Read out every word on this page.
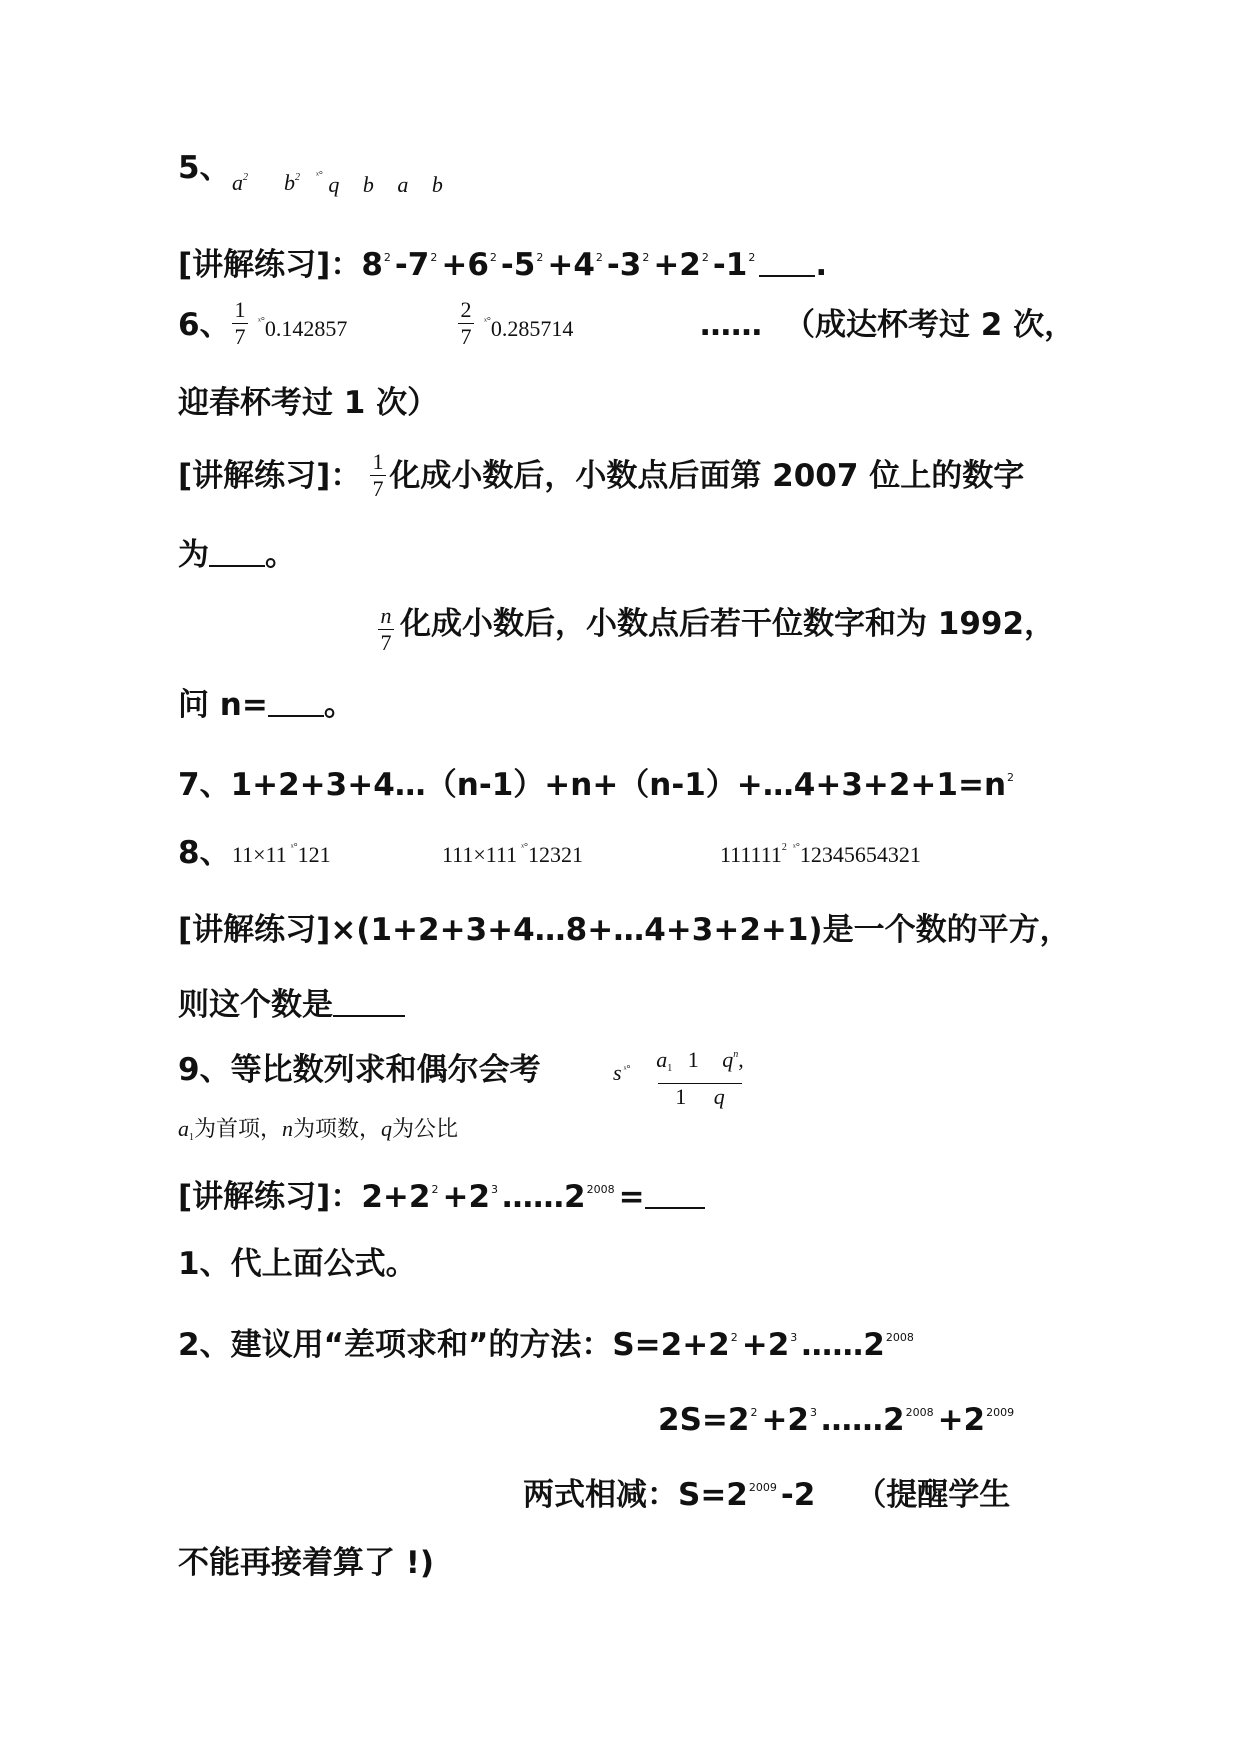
5、 $a^2$ $b^2$ $^{ˣ^\circ}$ q b a b
[讲解练习]：$8^2$ $-7^2 +6^2$ $-5^2 +4^2$ $-3^2 +2^2$ $-1^2$ .
6、 1
7
$^{ˣ^\circ}$0.142857
2
7
$^{ˣ^\circ}$0.285714	…… （成达杯考过 2 次，
迎春杯考过 1 次）
[讲解练习]： 化成小数后，小数点后面第 2007 位上的数字
1
7
为 。
n
7
化成小数后，小数点后若干位数字和为 1992，
问 n= 。
7、$1+2+3+4\dots(n-1)+n+(n-1)+\dots 4+3+2+1=n^2$
8、 11×11 $^{ˣ^\circ}$121	111×111 $^{ˣ^\circ}$12321	111111$^2$ $^{ˣ^\circ}$12345654321
[讲解练习]×(1+2+3+4…8+…4+3+2+1)是一个数的平方，
则这个数是
9、等比数列求和偶尔会考	s $^{ˣ^\circ}$ a1 1 $q^n$,
1 q
a1为首项，n为项数，q为公比
[讲解练习]：$2+2^2 +2^3$ $\dots\dots 2^{2008}$ =
1、代上面公式。
2、建议用“差项求和”的方法：$S=2+2^2 +2^3$ $\dots\dots 2^{2008}$
$2S=2^2 +2^3$ $\dots\dots 2^{2008} +2^{2009}$
两式相减：$S=2^{2009}$ -2 （提醒学生
不能再接着算了 !)
